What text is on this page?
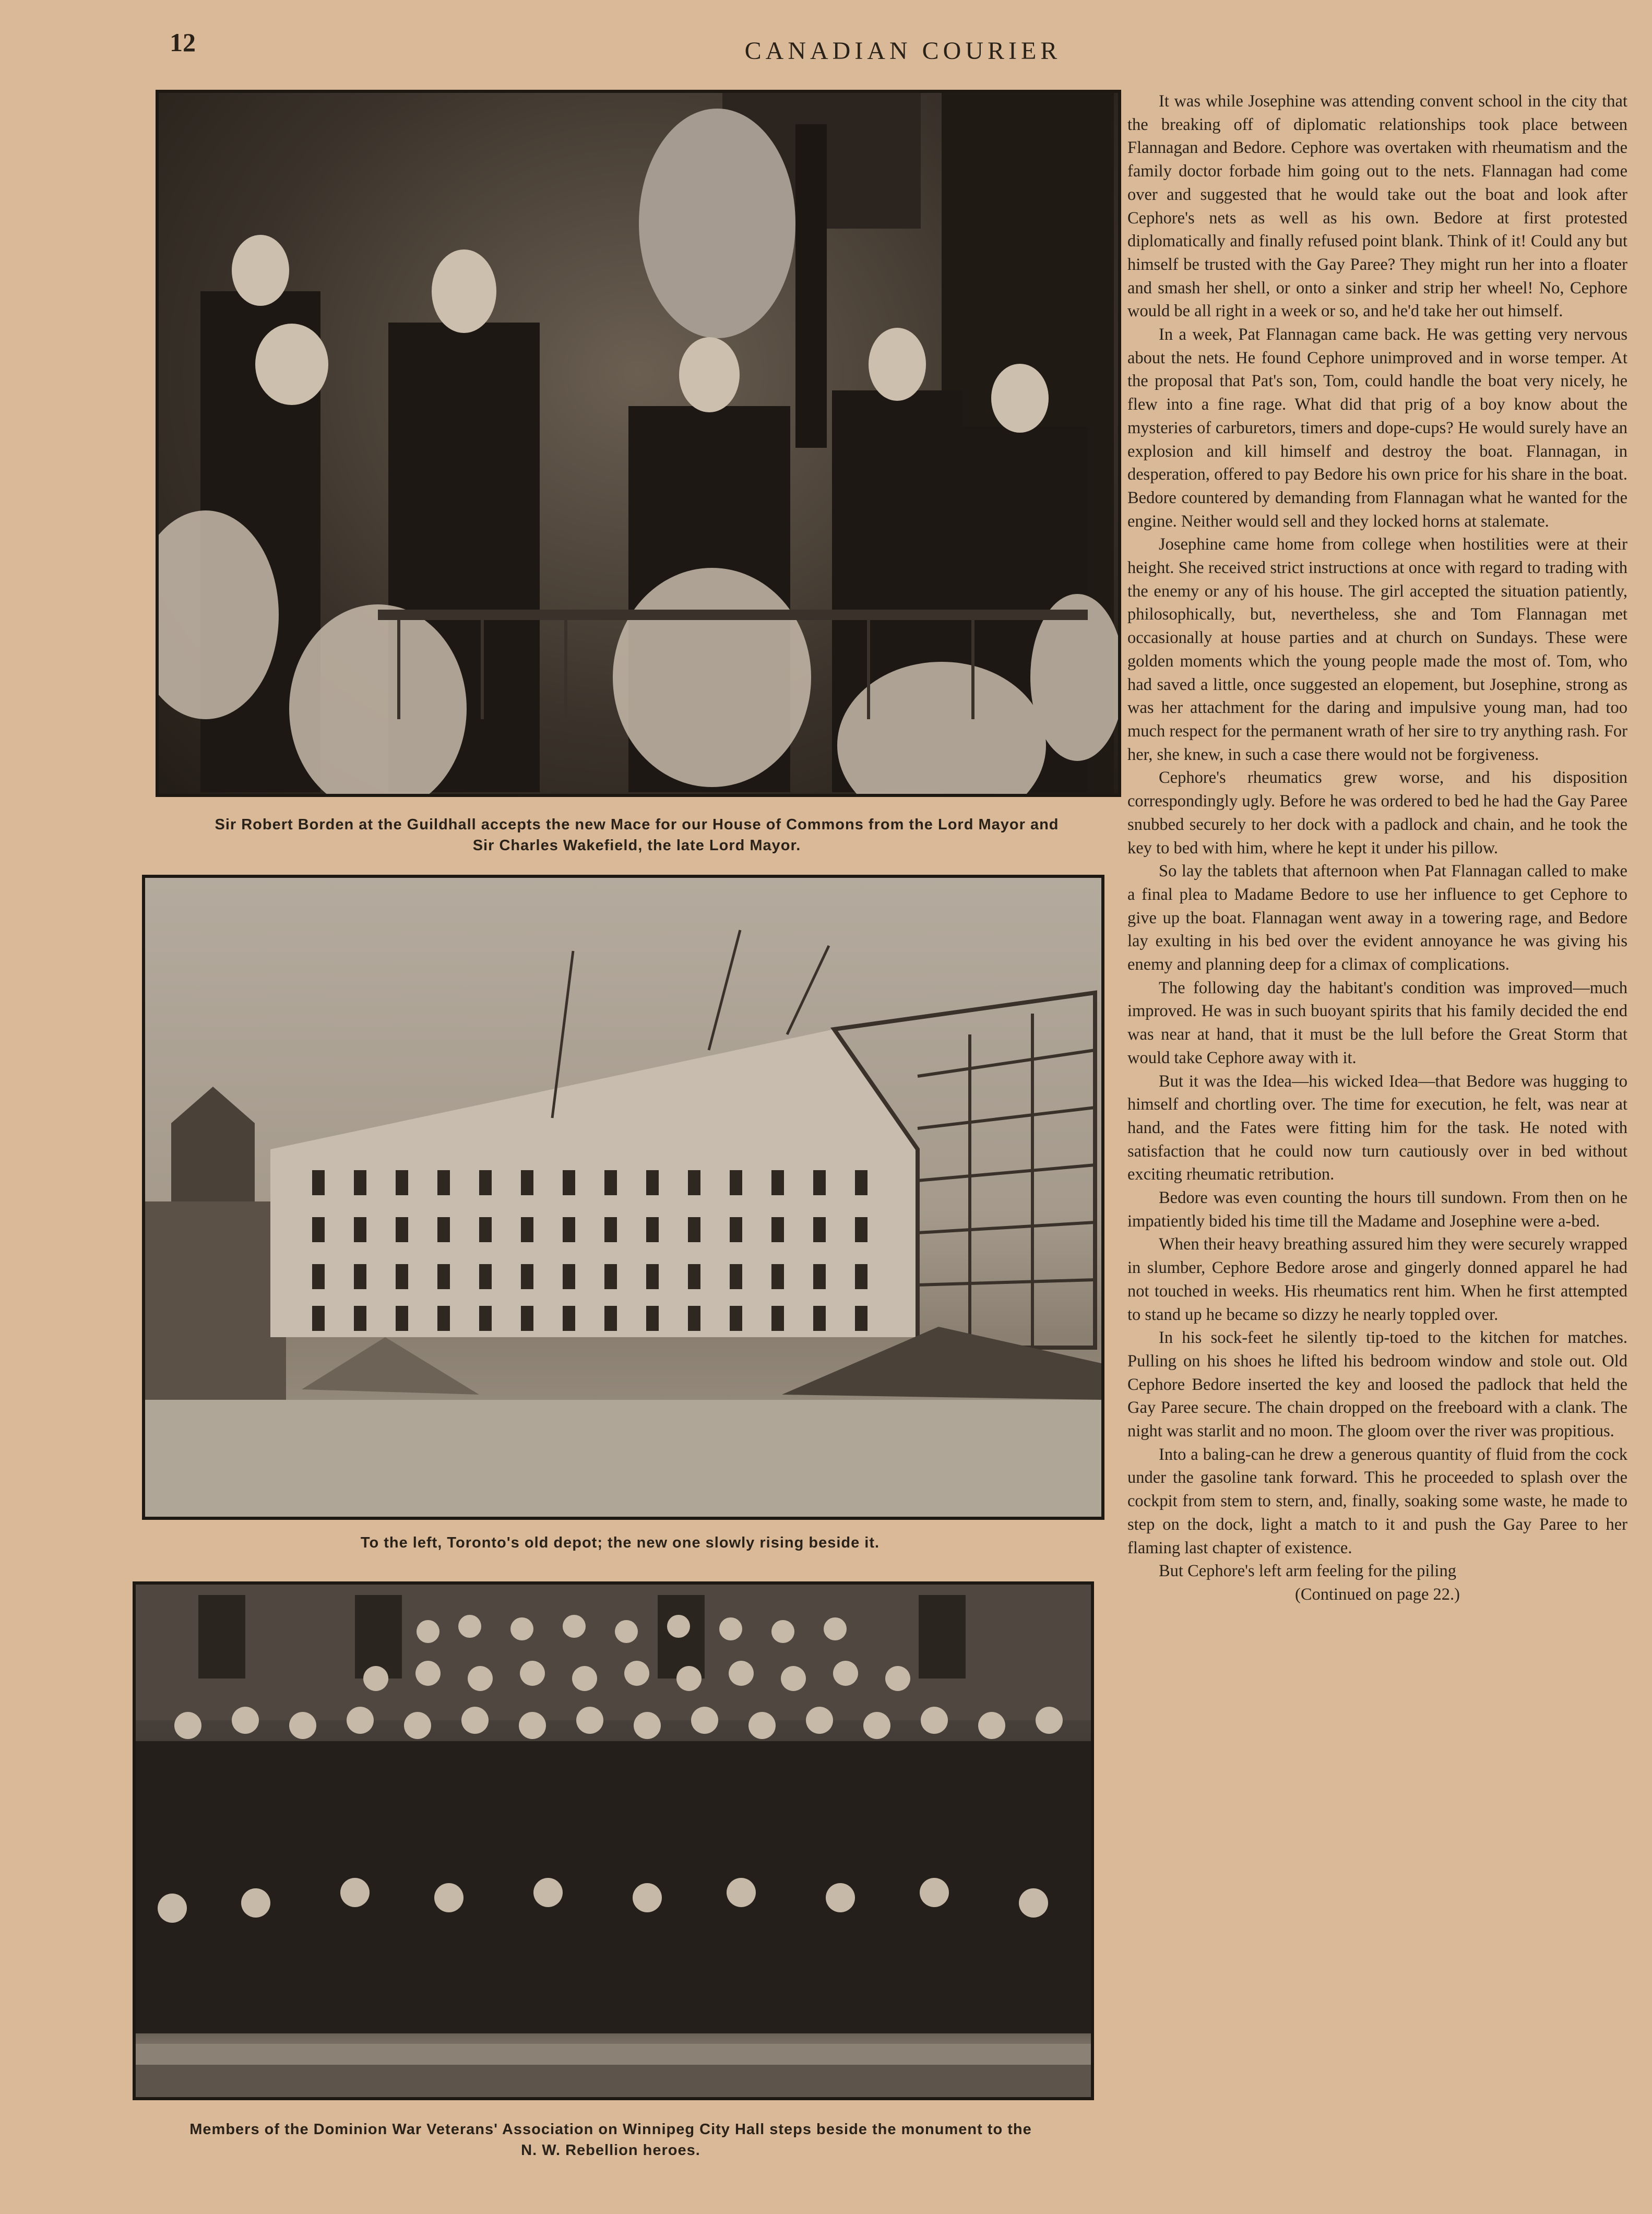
12	CANADIAN COURIER
Sir Robert Borden at the Guildhall accepts the new Mace for our House of Commons from the Lord Mayor and
Sir Charles Wakefield, the late Lord Mayor.
To the left, Toronto's old depot; the new one slowly rising beside it.
Members of the Dominion War Veterans' Association on Winnipeg City Hall steps beside the monument to the
N. W. Rebellion heroes.

It was while Josephine was attending convent school in the city that the breaking off of diplomatic relationships took place between Flannagan and Bedore. Cephore was overtaken with rheumatism and the family doctor forbade him going out to the nets. Flannagan had come over and suggested that he would take out the boat and look after Cephore's nets as well as his own. Bedore at first protested diplomatically and finally refused point blank. Think of it! Could any but himself be trusted with the Gay Paree? They might run her into a floater and smash her shell, or onto a sinker and strip her wheel! No, Cephore would be all right in a week or so, and he'd take her out himself.

In a week, Pat Flannagan came back. He was getting very nervous about the nets. He found Cephore unimproved and in worse temper. At the proposal that Pat's son, Tom, could handle the boat very nicely, he flew into a fine rage. What did that prig of a boy know about the mysteries of carburetors, timers and dope-cups? He would surely have an explosion and kill himself and destroy the boat. Flannagan, in desperation, offered to pay Bedore his own price for his share in the boat. Bedore countered by demanding from Flannagan what he wanted for the engine. Neither would sell and they locked horns at stalemate.

Josephine came home from college when hostilities were at their height. She received strict instructions at once with regard to trading with the enemy or any of his house. The girl accepted the situation patiently, philosophically, but, nevertheless, she and Tom Flannagan met occasionally at house parties and at church on Sundays. These were golden moments which the young people made the most of. Tom, who had saved a little, once suggested an elopement, but Josephine, strong as was her attachment for the daring and impulsive young man, had too much respect for the permanent wrath of her sire to try anything rash. For her, she knew, in such a case there would not be forgiveness.

Cephore's rheumatics grew worse, and his disposition correspondingly ugly. Before he was ordered to bed he had the Gay Paree snubbed securely to her dock with a padlock and chain, and he took the key to bed with him, where he kept it under his pillow.

So lay the tablets that afternoon when Pat Flannagan called to make a final plea to Madame Bedore to use her influence to get Cephore to give up the boat. Flannagan went away in a towering rage, and Bedore lay exulting in his bed over the evident annoyance he was giving his enemy and planning deep for a climax of complications.

The following day the habitant's condition was improved—much improved. He was in such buoyant spirits that his family decided the end was near at hand, that it must be the lull before the Great Storm that would take Cephore away with it.

But it was the Idea—his wicked Idea—that Bedore was hugging to himself and chortling over. The time for execution, he felt, was near at hand, and the Fates were fitting him for the task. He noted with satisfaction that he could now turn cautiously over in bed without exciting rheumatic retribution.

Bedore was even counting the hours till sundown. From then on he impatiently bided his time till the Madame and Josephine were a-bed.

When their heavy breathing assured him they were securely wrapped in slumber, Cephore Bedore arose and gingerly donned apparel he had not touched in weeks. His rheumatics rent him. When he first attempted to stand up he became so dizzy he nearly toppled over.

In his sock-feet he silently tip-toed to the kitchen for matches. Pulling on his shoes he lifted his bedroom window and stole out. Old Cephore Bedore inserted the key and loosed the padlock that held the Gay Paree secure. The chain dropped on the freeboard with a clank. The night was starlit and no moon. The gloom over the river was propitious.

Into a baling-can he drew a generous quantity of fluid from the cock under the gasoline tank forward. This he proceeded to splash over the cockpit from stem to stern, and, finally, soaking some waste, he made to step on the dock, light a match to it and push the Gay Paree to her flaming last chapter of existence.

But Cephore's left arm feeling for the piling

(Continued on page 22.)
